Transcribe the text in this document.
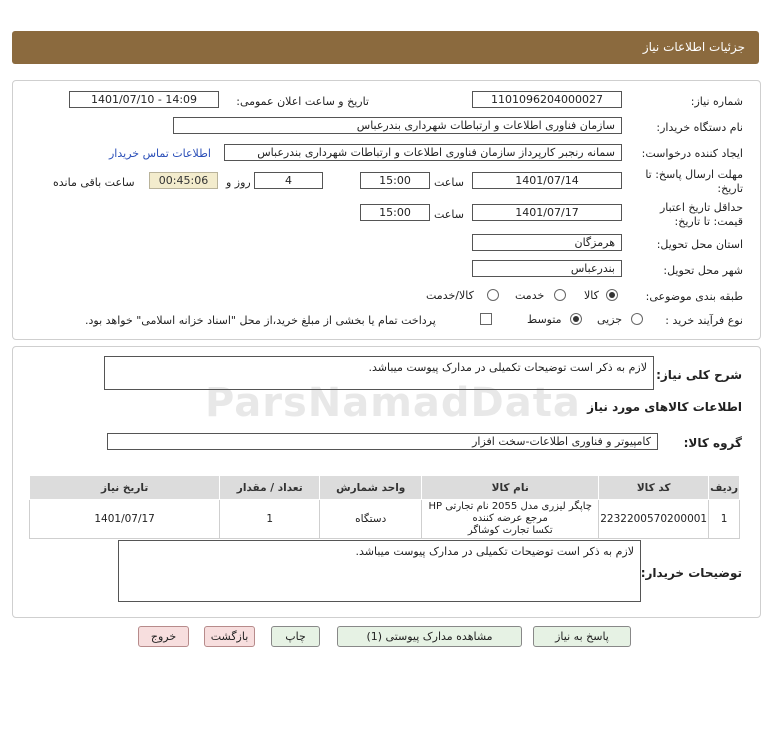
جزئیات اطلاعات نیاز
شماره نیاز:
1101096204000027
تاریخ و ساعت اعلان عمومی:
1401/07/10 - 14:09
نام دستگاه خریدار:
سازمان فناوری اطلاعات و ارتباطات شهرداری بندرعباس
ایجاد کننده درخواست:
سمانه رنجبر کارپرداز سازمان فناوری اطلاعات و ارتباطات شهرداری بندرعباس
اطلاعات تماس خریدار
مهلت ارسال پاسخ: تا
تاریخ:
1401/07/14
ساعت
15:00
4
روز و
00:45:06
ساعت باقی مانده
حداقل تاریخ اعتبار
قیمت: تا تاریخ:
1401/07/17
ساعت
15:00
استان محل تحویل:
هرمزگان
شهر محل تحویل:
بندرعباس
طبقه بندی موضوعی:
کالا
خدمت
کالا/خدمت
نوع فرآیند خرید :
جزیی
متوسط
پرداخت تمام یا بخشی از مبلغ خرید،از محل "اسناد خزانه اسلامی" خواهد بود.
ParsNamadData
شرح کلی نیاز:
لازم به ذکر است توضیحات تکمیلی در مدارک پیوست میباشد.
اطلاعات کالاهای مورد نیاز
گروه کالا:
کامپیوتر و فناوری اطلاعات-سخت افزار
ردیف	کد کالا	نام کالا	واحد شمارش	تعداد / مقدار	تاریخ نیاز
1	2232200570200001	چاپگر لیزری مدل 2055 نام تجارتی HP مرجع عرضه کننده
تکسا تجارت کوشاگر	دستگاه	1	1401/07/17
توضیحات خریدار:
لازم به ذکر است توضیحات تکمیلی در مدارک پیوست میباشد.
پاسخ به نیاز
مشاهده مدارک پیوستی (1)
چاپ
بازگشت
خروج
